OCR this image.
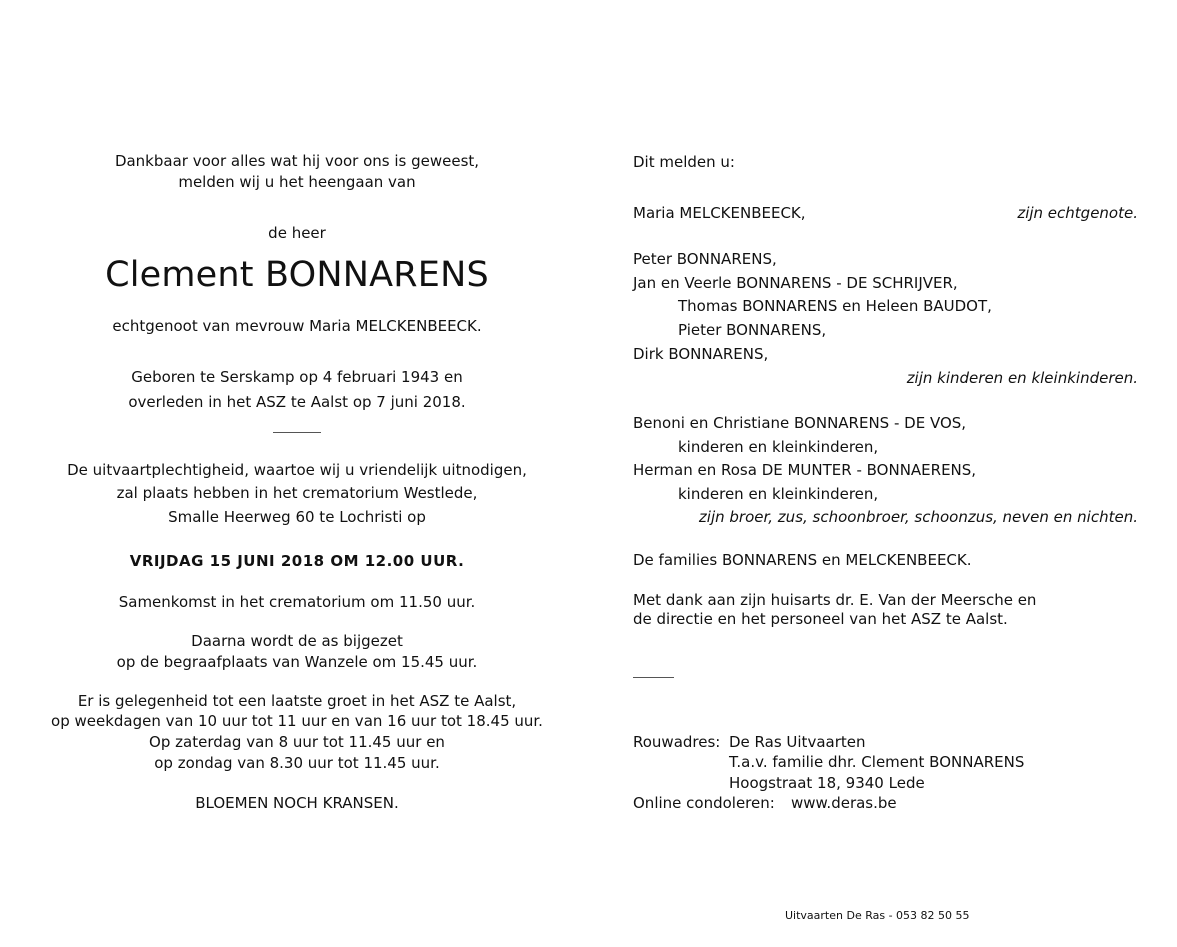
Dankbaar voor alles wat hij voor ons is geweest,
melden wij u het heengaan van
de heer
Clement BONNARENS
echtgenoot van mevrouw Maria MELCKENBEECK.
Geboren te Serskamp op 4 februari 1943 en
overleden in het ASZ te Aalst op 7 juni 2018.
De uitvaartplechtigheid, waartoe wij u vriendelijk uitnodigen,
zal plaats hebben in het crematorium Westlede,
Smalle Heerweg 60 te Lochristi op
VRIJDAG 15 JUNI 2018 OM 12.00 UUR.
Samenkomst in het crematorium om 11.50 uur.
Daarna wordt de as bijgezet
op de begraafplaats van Wanzele om 15.45 uur.
Er is gelegenheid tot een laatste groet in het ASZ te Aalst,
op weekdagen van 10 uur tot 11 uur en van 16 uur tot 18.45 uur.
Op zaterdag van 8 uur tot 11.45 uur en
op zondag van 8.30 uur tot 11.45 uur.
BLOEMEN NOCH KRANSEN.
Dit melden u:
Maria MELCKENBEECK,	zijn echtgenote.
Peter BONNARENS,
Jan en Veerle BONNARENS - DE SCHRIJVER,
Thomas BONNARENS en Heleen BAUDOT,
Pieter BONNARENS,
Dirk BONNARENS,
zijn kinderen en kleinkinderen.
Benoni en Christiane BONNARENS - DE VOS,
kinderen en kleinkinderen,
Herman en Rosa DE MUNTER - BONNAERENS,
kinderen en kleinkinderen,
zijn broer, zus, schoonbroer, schoonzus, neven en nichten.
De families BONNARENS en MELCKENBEECK.
Met dank aan zijn huisarts dr. E. Van der Meersche en
de directie en het personeel van het ASZ te Aalst.
Rouwadres: De Ras Uitvaarten
T.a.v. familie dhr. Clement BONNARENS
Hoogstraat 18, 9340 Lede
Online condoleren: www.deras.be
Uitvaarten De Ras - 053 82 50 55
